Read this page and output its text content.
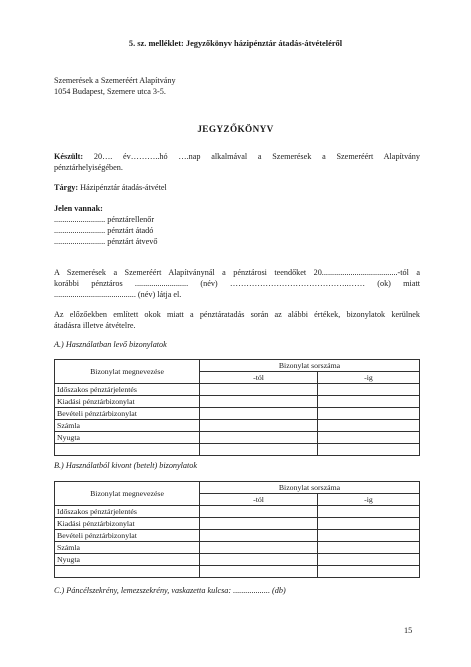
5. sz. melléklet: Jegyzőkönyv házipénztár átadás-átvételéről
Szemerések a Szemeréért Alapítvány
1054 Budapest, Szemere utca 3-5.
JEGYZŐKÖNYV
Készült: 20…. év………..hó ….nap alkalmával a Szemerések a Szemeréért Alapítvány
pénztárhelyiségében.
Tárgy: Házipénztár átadás-átvétel
Jelen vannak:
......................... pénztárellenőr
......................... pénztárt átadó
......................... pénztárt átvevő
A Szemerések a Szemeréért Alapítványnál a pénztárosi teendőket 20.....................................-tól a
korábbi pénztáros .......................... (név) ……………………………………..…… (ok) miatt
........................................ (név) látja el.
Az előzőekben említett okok miatt a pénztáratadás során az alábbi értékek, bizonylatok kerülnek
átadásra illetve átvételre.
A.) Használatban levő bizonylatok
Bizonylat megnevezése	Bizonylat sorszáma	
	-tól	-ig
Időszakos pénztárjelentés		
Kiadási pénztárbizonylat		
Bevételi pénztárbizonylat		
Számla		
Nyugta		

B.) Használatból kivont (betelt) bizonylatok
Bizonylat megnevezése	Bizonylat sorszáma	
	-tól	-ig
Időszakos pénztárjelentés		
Kiadási pénztárbizonylat		
Bevételi pénztárbizonylat		
Számla		
Nyugta		

C.) Páncélszekrény, lemezszekrény, vaskazetta kulcsa: .................. (db)
15
